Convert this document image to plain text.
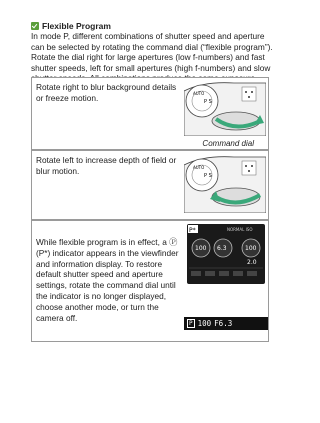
Flexible Program
In mode P, different combinations of shutter speed and aperture can be selected by rotating the command dial (“flexible program”). Rotate the dial right for large apertures (low f-numbers) and fast shutter speeds, left for small apertures (high f-numbers) and slow
Rotate right to blur background details or freeze motion.	AUTO
P S
Command dial
Rotate left to increase depth of field or blur motion.	AUTO
P S
While flexible program is in effect, a Ⓟ (P*) indicator appears in the viewfinder and information display. To restore default shutter speed and aperture settings, rotate the command dial until the indicator is no longer displayed, choose another mode, or turn the camera off.
P*	NORMAL ISO
100 6.3	100
2.0
P 100 F6.3
